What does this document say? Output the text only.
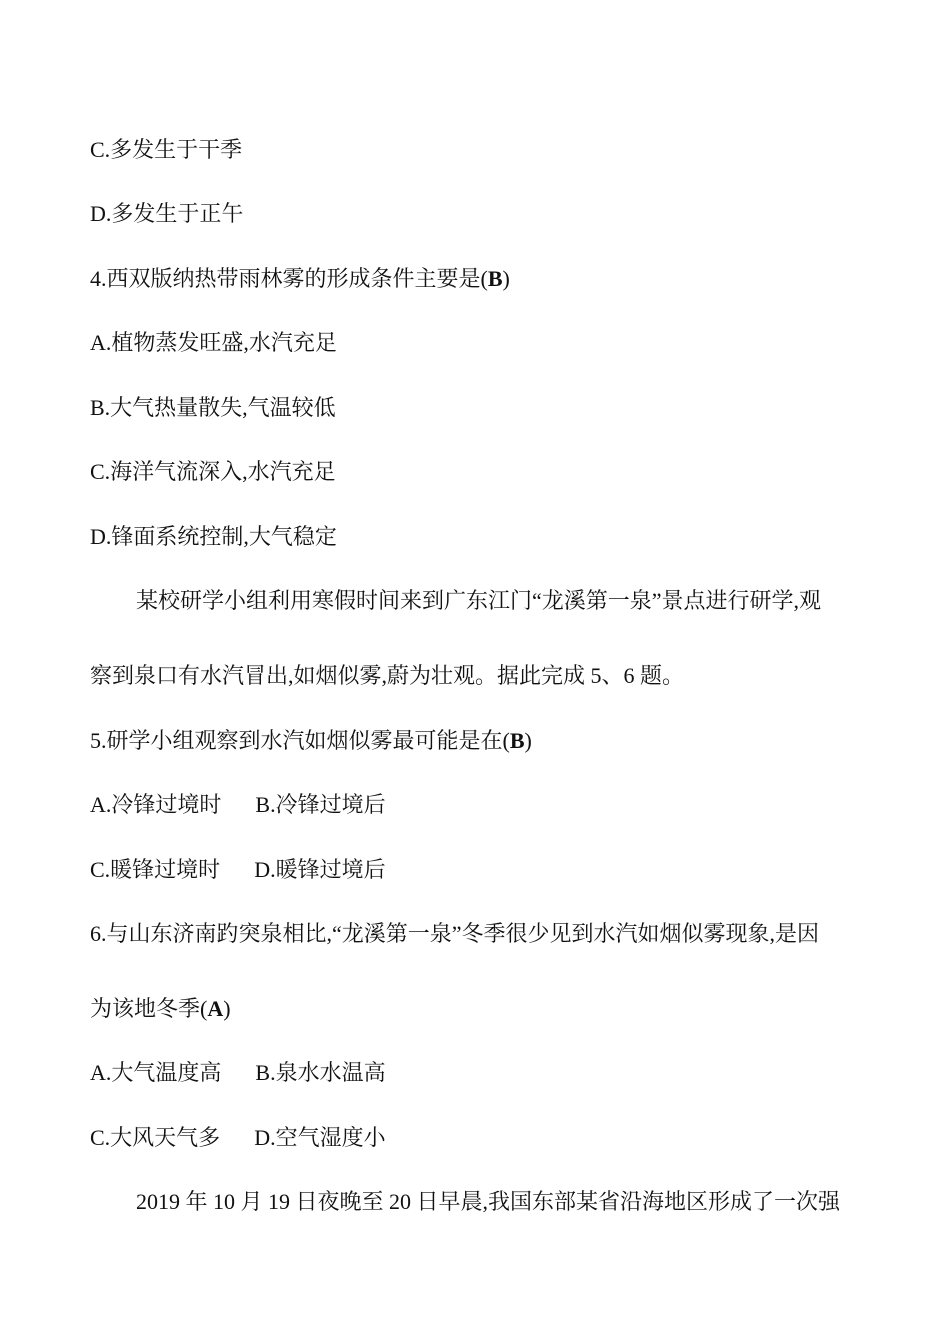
C.多发生于干季
D.多发生于正午
4.西双版纳热带雨林雾的形成条件主要是(B)
A.植物蒸发旺盛,水汽充足
B.大气热量散失,气温较低
C.海洋气流深入,水汽充足
D.锋面系统控制,大气稳定
某校研学小组利用寒假时间来到广东江门“龙溪第一泉”景点进行研学,观
察到泉口有水汽冒出,如烟似雾,蔚为壮观。据此完成 5、6 题。
5.研学小组观察到水汽如烟似雾最可能是在(B)
A.冷锋过境时 B.冷锋过境后
C.暖锋过境时 D.暖锋过境后
6.与山东济南趵突泉相比,“龙溪第一泉”冬季很少见到水汽如烟似雾现象,是因
为该地冬季(A)
A.大气温度高 B.泉水水温高
C.大风天气多 D.空气湿度小
2019 年 10 月 19 日夜晚至 20 日早晨,我国东部某省沿海地区形成了一次强
